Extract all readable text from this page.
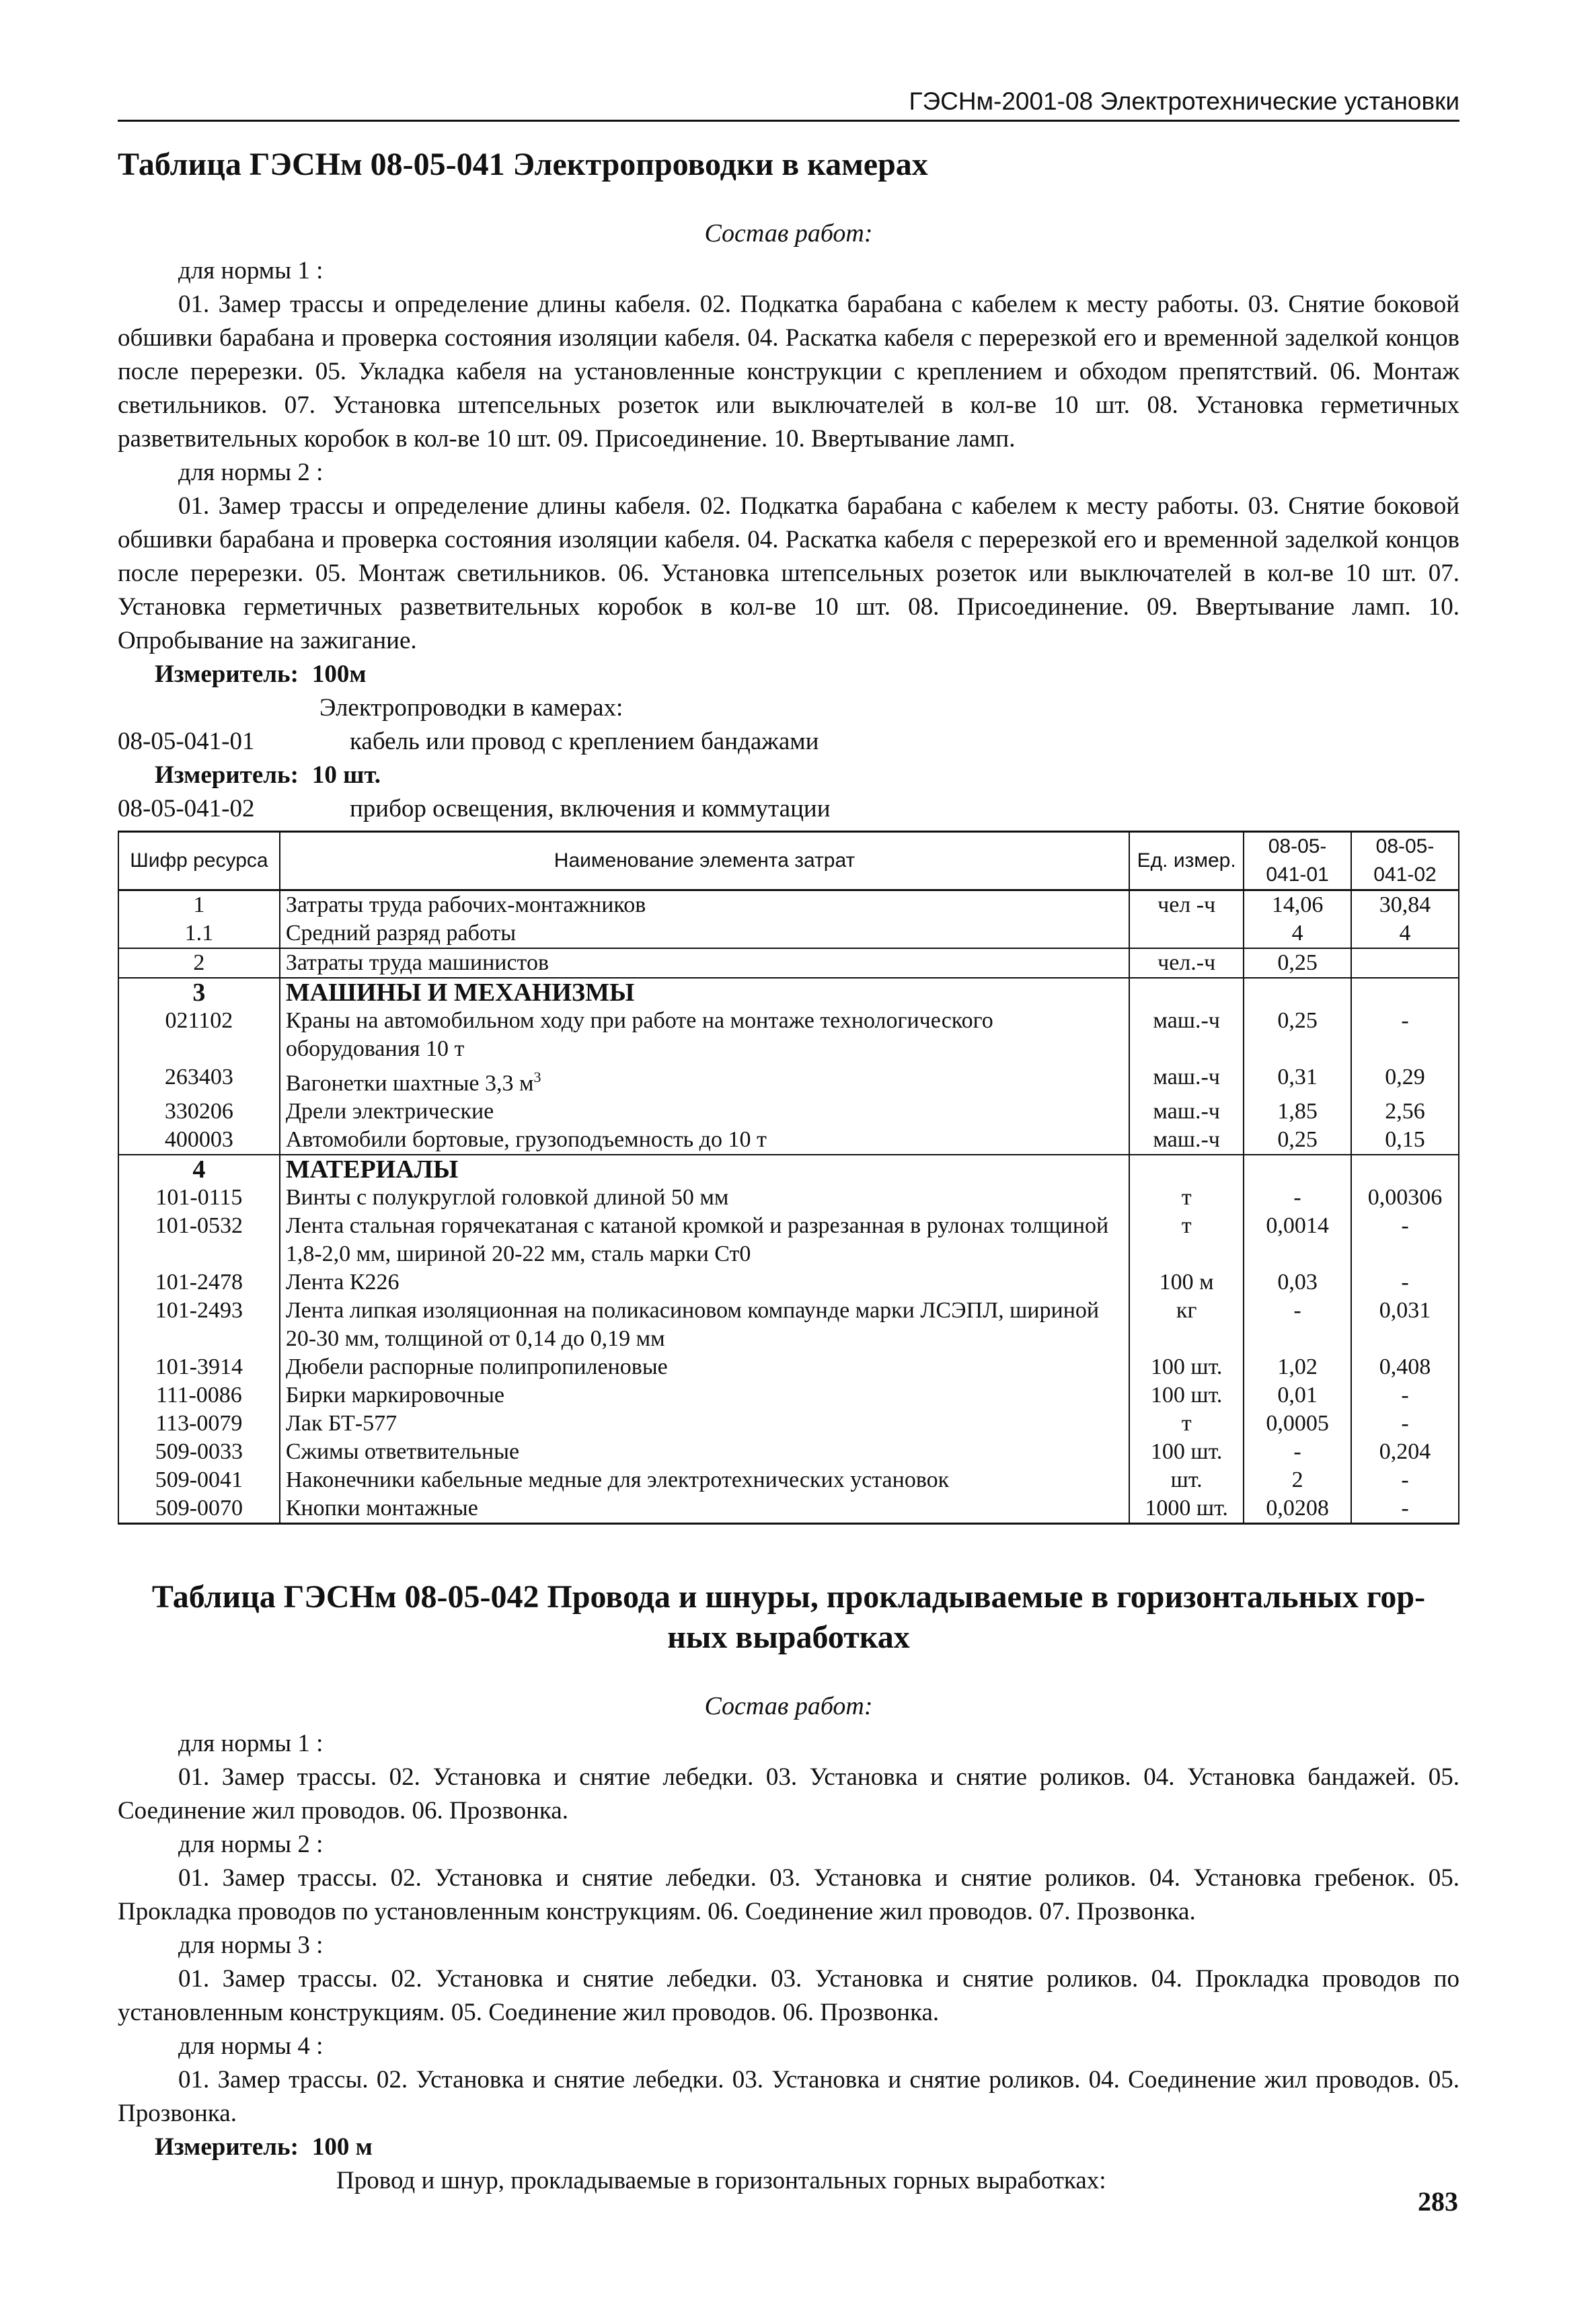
ГЭСНм-2001-08 Электротехнические установки
Таблица ГЭСНм 08-05-041 Электропроводки в камерах
Состав работ:
для нормы 1 :
01. Замер трассы и определение длины кабеля. 02. Подкатка барабана с кабелем к месту работы. 03. Снятие боковой обшивки барабана и проверка состояния изоляции кабеля. 04. Раскатка кабеля с перерезкой его и временной заделкой концов после перерезки. 05. Укладка кабеля на установленные конструкции с креплением и обходом препятствий. 06. Монтаж светильников. 07. Установка штепсельных розеток или выключателей в кол-ве 10 шт. 08. Установка герметичных разветвительных коробок в кол-ве 10 шт. 09. Присоединение. 10. Ввертывание ламп.
для нормы 2 :
01. Замер трассы и определение длины кабеля. 02. Подкатка барабана с кабелем к месту работы. 03. Снятие боковой обшивки барабана и проверка состояния изоляции кабеля. 04. Раскатка кабеля с перерезкой его и временной заделкой концов после перерезки. 05. Монтаж светильников. 06. Установка штепсельных розеток или выключателей в кол-ве 10 шт. 07. Установка герметичных разветвительных коробок в кол-ве 10 шт. 08. Присоединение. 09. Ввертывание ламп. 10. Опробывание на зажигание.
Измеритель: 100м
Электропроводки в камерах:
08-05-041-01	кабель или провод с креплением бандажами
Измеритель: 10 шт.
08-05-041-02	прибор освещения, включения и коммутации
Шифр ресурса	Наименование элемента затрат	Ед. измер.	08-05-041-01	08-05-041-02
1	Затраты труда рабочих-монтажников	чел -ч	14,06	30,84
1.1	Средний разряд работы		4	4
2	Затраты труда машинистов	чел.-ч	0,25	
3	МАШИНЫ И МЕХАНИЗМЫ			
021102	Краны на автомобильном ходу при работе на монтаже технологического оборудования 10 т	маш.-ч	0,25	-
263403	Вагонетки шахтные 3,3 $м^3$	маш.-ч	0,31	0,29
330206	Дрели электрические	маш.-ч	1,85	2,56
400003	Автомобили бортовые, грузоподъемность до 10 т	маш.-ч	0,25	0,15
4	МАТЕРИАЛЫ			
101-0115	Винты с полукруглой головкой длиной 50 мм	т	-	0,00306
101-0532	Лента стальная горячекатаная с катаной кромкой и разрезанная в рулонах толщиной 1,8-2,0 мм, шириной 20-22 мм, сталь марки Ст0	т	0,0014	-
101-2478	Лента К226	100 м	0,03	-
101-2493	Лента липкая изоляционная на поликасиновом компаунде марки ЛСЭПЛ, шириной 20-30 мм, толщиной от 0,14 до 0,19 мм	кг	-	0,031
101-3914	Дюбели распорные полипропиленовые	100 шт.	1,02	0,408
111-0086	Бирки маркировочные	100 шт.	0,01	-
113-0079	Лак БТ-577	т	0,0005	-
509-0033	Сжимы ответвительные	100 шт.	-	0,204
509-0041	Наконечники кабельные медные для электротехнических установок	шт.	2	-
509-0070	Кнопки монтажные	1000 шт.	0,0208	-
Таблица ГЭСНм 08-05-042 Провода и шнуры, прокладываемые в горизонтальных гор-
ных выработках
Состав работ:
для нормы 1 :
01. Замер трассы. 02. Установка и снятие лебедки. 03. Установка и снятие роликов. 04. Установка бандажей. 05. Соединение жил проводов. 06. Прозвонка.
для нормы 2 :
01. Замер трассы. 02. Установка и снятие лебедки. 03. Установка и снятие роликов. 04. Установка гребенок. 05. Прокладка проводов по установленным конструкциям. 06. Соединение жил проводов. 07. Прозвонка.
для нормы 3 :
01. Замер трассы. 02. Установка и снятие лебедки. 03. Установка и снятие роликов. 04. Прокладка проводов по установленным конструкциям. 05. Соединение жил проводов. 06. Прозвонка.
для нормы 4 :
01. Замер трассы. 02. Установка и снятие лебедки. 03. Установка и снятие роликов. 04. Соединение жил проводов. 05. Прозвонка.
Измеритель: 100 м
Провод и шнур, прокладываемые в горизонтальных горных выработках:
283
